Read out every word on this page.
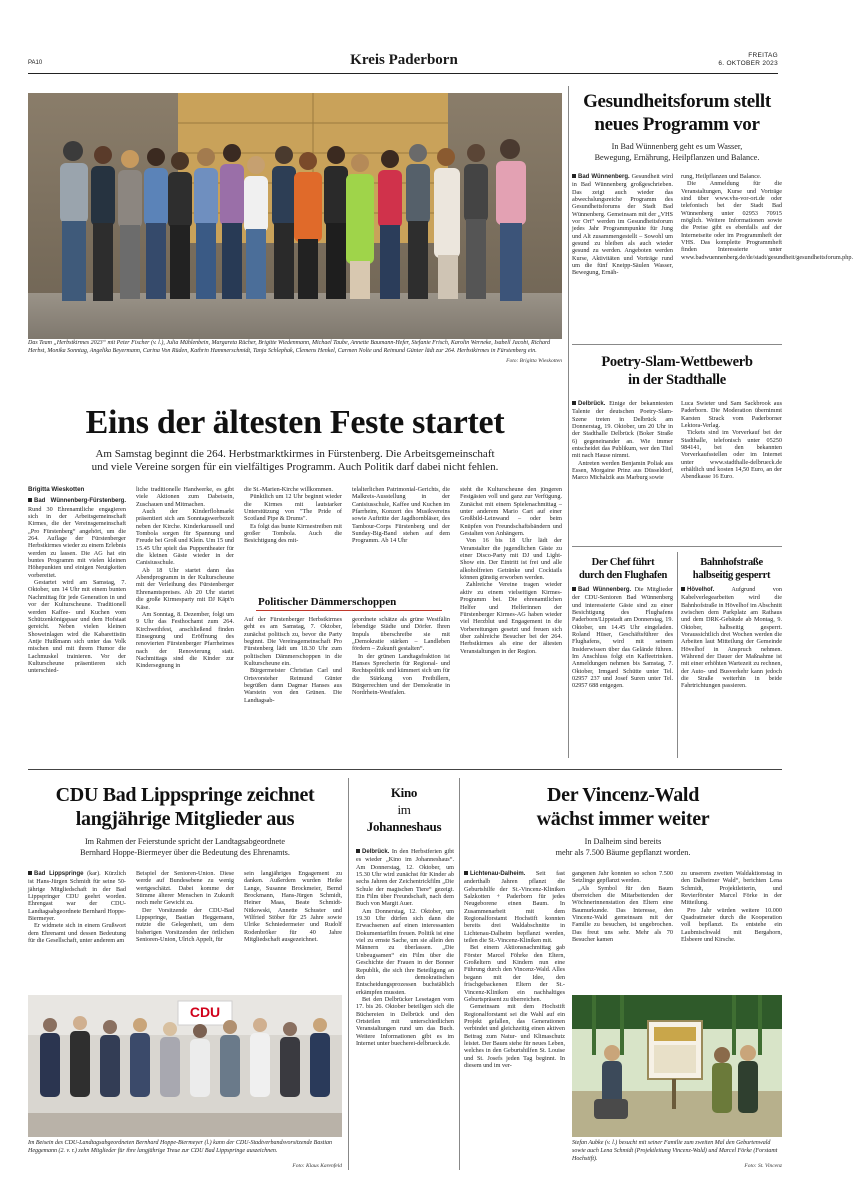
PA10	Kreis Paderborn	FREITAG
6. OKTOBER 2023
Das Team „Herbstkirmes 2023“ mit Peter Fischer (v. l.), Julia Mühlenbein, Margareta Rücher, Brigitte Wiedenmann, Michael Taube, Annette Baumann-Hefer, Stefanie Frisch, Karolin Werneke, Isabell Jacobi, Richard Herbst, Monika Sonntag, Angelika Beyermann, Carina Von Rüden, Kathrin Hammerschmidt, Tanja Schlephak, Clemens Henkel, Carmen Nolte und Reimund Günter lädt zur 264. Herbstkirmes in Fürstenberg ein.
Foto: Brigitta Wieskotten
Eins der ältesten Feste startet
Am Samstag beginnt die 264. Herbstmarktkirmes in Fürstenberg. Die Arbeitsgemeinschaft
und viele Vereine sorgen für ein vielfältiges Programm. Auch Politik darf dabei nicht fehlen.
Brigitta Wieskotten

Bad Wünnenberg-Fürstenberg. Rund 30 Ehrenamtliche engagieren sich in der Arbeitsgemeinschaft Kirmes, die der Vereinsgemeinschaft „Pro Fürstenberg“ angehört, um die 264. Auflage der Fürstenberger Herbstkirmes wieder zu einem Erlebnis werden zu lassen. Die AG hat ein buntes Programm mit vielen kleinen Höhepunkten und einigen Neuigkeiten vorbereitet.

Gestartet wird am Samstag, 7. Oktober, um 14 Uhr mit einem bunten Nachmittag für jede Generation in und vor der Kulturscheune. Traditionell werden Kaffee- und Kuchen vom Schützenkönigspaar und dem Hofstaat gereicht. Neben vielen kleinen Showeinlagen wird die Kabarettistin Antje Huißmann sich unter das Volk mischen und mit ihrem Humor die Lachmuskel trainieren. Vor der Kulturscheune präsentieren sich unterschied-

liche traditionelle Handwerke, es gibt viele Aktionen zum Dabeisein, Zuschauen und Mitmachen.

Auch der Kinderflohmarkt präsentiert sich am Sonntagswerbezelt neben der Kirche. Kinderkarussell und Tombola sorgen für Spannung und Freude bei Groß und Klein. Um 15 und 15.45 Uhr spielt das Puppentheater für die kleinen Gäste wieder in der Canisiusschule.

Ab 18 Uhr startet dann das Abendprogramm in der Kulturscheune mit der Verleihung des Fürstenberger Ehrenamtspreises. Ab 20 Uhr startet die große Kirmesparty mit DJ Käpt'n Käse.

Am Sonntag, 8. Dezember, folgt um 9 Uhr das Festhochamt zum 264. Kirchweihfest, anschließend finden Einsegnung und Eröffnung des renovierten Fürstenberger Pfarrheimes nach der Renovierung statt. Nachmittags sind die Kinder zur Kindersegnung in

die St.-Marien-Kirche willkommen.

Pünktlich um 12 Uhr beginnt wieder die Kirmes mit lautstarker Unterstützung von "The Pride of Scotland Pipe & Drums".

Es folgt das bunte Kirmestreiben mit großer Tombola. Auch die Besichtigung des mit-

telalterlichen Patrimonial-Gerichts, die Malkreis-Ausstellung in der Canisiusschule, Kaffee und Kuchen im Pfarrheim, Konzert des Musikvereins sowie Auftritte der Jagdhornbläser, des Tambour-Corps Fürstenberg und der Sunday-Big-Band stehen auf dem Programm. Ab 14 Uhr

steht die Kulturscheune den jüngeren Festgästen voll und ganz zur Verfügung. Zunächst mit einem Spielenachmittag – unter anderem Mario Cart auf einer Großbild-Leinwand – oder beim Knüpfen von Freundschaftsbändern und Gestalten von Anhängern.

Von 16 bis 18 Uhr lädt der Veranstalter die jugendlichen Gäste zu einer Disco-Party mit DJ und Light-Show ein. Der Eintritt ist frei und alle alkoholfreien Getränke und Cocktails können günstig erworben werden.

Zahlreiche Vereine tragen wieder aktiv zu einem vielseitigen Kirmes-Programm bei. Die ehrenamtlichen Helfer und Helferinnen der Fürstenberger Kirmes-AG haben wieder viel Herzblut und Engagement in die Vorbereitungen gesetzt und freuen sich über zahlreiche Besucher bei der 264. Herbstkirmes als eine der ältesten Veranstaltungen in der Region.

Politischer Dämmerschoppen

Auf der Fürstenberger Herbstkirmes geht es am Samstag, 7. Oktober, zunächst politisch zu, bevor die Party beginnt. Die Vereinsgemeinschaft Pro Fürstenberg lädt um 18.30 Uhr zum politischen Dämmerschoppen in die Kulturscheune ein.

Bürgermeister Christian Carl und Ortsvorsteher Reimund Günter begrüßen dann Dagmar Hanses aus Warstein von den Grünen. Die Landtagsab-

geordnete schätze als grüne Westfälin lebendige Städte und Dörfer. Ihren Impuls überschreibe sie mit „Demokratie stärken – Landleben fördern – Zukunft gestalten“.

In der grünen Landtagsfraktion ist Hanses Sprecherin für Regional- und Rechtspolitik und kümmert sich um für die Stärkung von Freibillern, Bürgerrechten und der Demokratie in Nordrhein-Westfalen.

Gesundheitsforum stellt
neues Programm vor
In Bad Wünnenberg geht es um Wasser,
Bewegung, Ernährung, Heilpflanzen und Balance.

Bad Wünnenberg. Gesundheit wird in Bad Wünnenberg großgeschrieben. Das zeigt auch wieder das abwechslungsreiche Programm des Gesundheitsforums der Stadt Bad Wünnenberg. Gemeinsam mit der „VHS vor Ort“ werden im Gesundheitsforum jedes Jahr Programmpunkte für Jung und Alt zusammengestellt – Sowohl um gesund zu bleiben als auch wieder gesund zu werden. Angeboten werden Kurse, Aktivitäten und Vorträge rund um die fünf Kneipp-Säulen Wasser, Bewegung, Ernäh-

rung, Heilpflanzen und Balance.

Die Anmeldung für die Veranstaltungen, Kurse und Vorträge sind über www.vhs-vor-ort.de oder telefonisch bei der Stadt Bad Wünnenberg unter 02953 70915 möglich. Weitere Informationen sowie die Preise gibt es ebenfalls auf der Internetseite oder im Programmheft der VHS. Das komplette Programmheft finden Interessierte unter www.badwuennenberg.de/de/stadt/gesundheit/gesundheitsforum.php.

Poetry-Slam-Wettbewerb
in der Stadthalle

Delbrück. Einige der bekanntesten Talente der deutschen Poetry-Slam-Szene treten in Delbrück am Donnerstag, 19. Oktober, um 20 Uhr in der Stadthalle Delbrück (Boker Straße 6) gegeneinander an. Wie immer entscheidet das Publikum, wer den Titel mit nach Hause nimmt.

Antreten werden Benjamin Poliak aus Essen, Morgaine Prinz aus Düsseldorf, Marco Michalzik aus Marburg sowie

Luca Swieter und Sam Sackbrook aus Paderborn. Die Moderation übernimmt Karsten Strack vom Paderborner Lektora-Verlag.

Tickets sind im Vorverkauf bei der Stadthalle, telefonisch unter 05250 984141, bei den bekannten Vorverkaufsstellen oder im Internet unter www.stadthalle-delbrueck.de erhältlich und kosten 14,50 Euro, an der Abendkasse 16 Euro.

Der Chef führt
durch den Flughafen

Bad Wünnenberg. Die Mitglieder der CDU-Senioren Bad Wünnenberg und interessierte Gäste sind zu einer Besichtigung des Flughafens Paderborn/Lippstadt am Donnerstag, 19. Oktober, um 14.45 Uhr eingeladen. Roland Hüser, Geschäftsführer des Flughafens, wird mit seinem Insiderwissen über das Gelände führen. Im Anschluss folgt ein Kaffeetrinken. Anmeldungen nehmen bis Samstag, 7. Oktober, Irmgard Schütte unter Tel. 02957 237 und Josef Suren unter Tel. 02957 688 entgegen.

Bahnhofstraße
halbseitig gesperrt

Hövelhof.	Aufgrund von Kabelverlegearbeiten wird die Bahnhofstraße in Hövelhof im Abschnitt zwischen dem Parkplatz am Rathaus und dem DRK-Gebäude ab Montag, 9. Oktober, halbseitig gesperrt. Voraussichtlich drei Wochen werden die Arbeiten laut Mitteilung der Gemeinde Hövelhof in Anspruch nehmen. Während der Dauer der Maßnahme ist mit einer erhöhten Wartezeit zu rechnen, der Auto- und Busverkehr kann jedoch die Straße weiterhin in beide Fahrtrichtungen passieren.

CDU Bad Lippspringe zeichnet
langjährige Mitglieder aus
Im Rahmen der Feierstunde spricht der Landtagsabgeordnete
Bernhard Hoppe-Biermeyer über die Bedeutung des Ehrenamts.

Bad Lippspringe (kar). Kürzlich ist Hans-Jürgen Schmidt für seine 50-jährige Mitgliedschaft in der Bad Lippspringer CDU geehrt worden. Ehrengast war der CDU-Landtagsabgeordnete Bernhard Hoppe-Biermeyer.

Er widmete sich in einem Grußwort dem Ehrenamt und dessen Bedeutung für die Gesellschaft, unter anderem am

Beispiel der Senioren-Union. Diese werde auf Bundesebene zu wenig wertgeschätzt. Dabei komme der Stimme älterer Menschen in Zukunft noch mehr Gewicht zu.

Der Vorsitzende der CDU-Bad Lippspringe, Bastian Heggemann, nutzte die Gelegenheit, um dem bisherigen Vorsitzenden der örtlichen Senioren-Union, Ulrich Appelt, für

sein langjähriges Engagement zu danken. Außerdem wurden Heike Lange, Susanne Brockmeier, Bernd Brockmann, Hans-Jürgen Schmidt, Heiner Maas, Beate Schmidt-Nitkowski, Annette Schuster und Wilfried Stöber für 25 Jahre sowie Ulrike Schniedermeier und Rudolf Rodenbröker für 40 Jahre Mitgliedschaft ausgezeichnet.

CDU
Im Beisein des CDU-Landtagsabgeordneten Bernhard Hoppe-Biermeyer (l.) kann der CDU-Stadtverbandsvorsitzende Bastian Heggemann (2. v. r.) zehn Mitglieder für ihre langjährige Treue zur CDU Bad Lippspringe auszeichnen.
Foto: Klaus Karenfeld
Kino
im
Johanneshaus

Delbrück. In den Herbstferien gibt es wieder „Kino im Johanneshaus“. Am Donnerstag, 12. Oktober, um 15.30 Uhr wird zunächst für Kinder ab sechs Jahren der Zeichentrickfilm „Die Schule der magischen Tiere“ gezeigt. Ein Film über Freundschaft, nach dem Buch von Margit Auer.

Am Donnerstag, 12. Oktober, um 19.30 Uhr dürfen sich dann die Erwachsenen auf einen interessanten Dokumentarfilm freuen. Politik ist eine viel zu ernste Sache, um sie allein den Männern zu überlassen. „Die Unbeugsamen“ ein Film über die Geschichte der Frauen in der Bonner Republik, die sich ihre Beteiligung an den demokratischen Entscheidungsprozessen buchstäblich erkämpfen mussten.

Bei den Delbrücker Lesetagen vom 17. bis 26. Oktober beteiligen sich die Büchereien in Delbrück und den Ortsteilen mit unterschiedlichen Veranstaltungen rund um das Buch. Weitere Informationen gibt es im Internet unter buecherei-delbrueck.de.

Der Vincenz-Wald
wächst immer weiter
In Dalheim sind bereits
mehr als 7.500 Bäume gepflanzt worden.

Lichtenau-Dalheim. Seit fast anderthalb Jahren pflanzt die Geburtshilfe der St.-Vincenz-Kliniken Salzkotten + Paderborn für jedes Neugeborene einen Baum. In Zusammenarbeit mit dem Regionalforstamt Hochstift konnten bereits drei Waldabschnitte in Lichtenau-Dalheim bepflanzt werden, teilen die St.-Vincenz-Kliniken mit.

Bei einem Aktionsnachmittag gab Förster Marcel Föhrke den Eltern, Großeltern und Kindern nun eine Führung durch den Vincenz-Wald. Alles begann mit der Idee, den frischgebackenen Eltern der St.-Vincenz-Kliniken ein nachhaltiges Geburtspräsent zu überreichen.

Gemeinsam mit dem Hochstift Regionalforstamt sei die Wahl auf ein Projekt gefallen, das Generationen verbindet und gleichzeitig einen aktiven Beitrag zum Natur- und Klimaschutz leistet. Der Baum stehe für neues Leben, welches in den Geburtshilfen St. Louise und St. Josefs jeden Tag beginnt. In diesem und im ver-

gangenen Jahr konnten so schon 7.500 Setzlinge gepflanzt werden.

„Als Symbol für den Baum überreichen die Mitarbeitenden der Wöchnerinnenstation den Eltern eine Baumurkunde. Das Interesse, den Vincenz-Wald gemeinsam mit der Familie zu besuchen, ist ungebrochen. Das freut uns sehr. Mehr als 70 Besucher kamen

zu unserem zweiten Waldaktionstag in den Dalheimer Wald“, berichten Lena Schmidt, Projektleiterin, und Revierförster Marcel Förke in der Mitteilung.

Pro Jahr würden weitere 10.000 Quadratmeter durch die Kooperation voll bepflanzt. Es entstehe ein Laubmischwald mit Bergahorn, Elsbeere und Kirsche.

Stefan Aubke (v. l.) besucht mit seiner Familie zum zweiten Mal den Geburtenwald sowie auch Lena Schmidt (Projektleitung Vincenz-Wald) und Marcel Förke (Forstamt Hochstift).
Foto: St. Vincenz
